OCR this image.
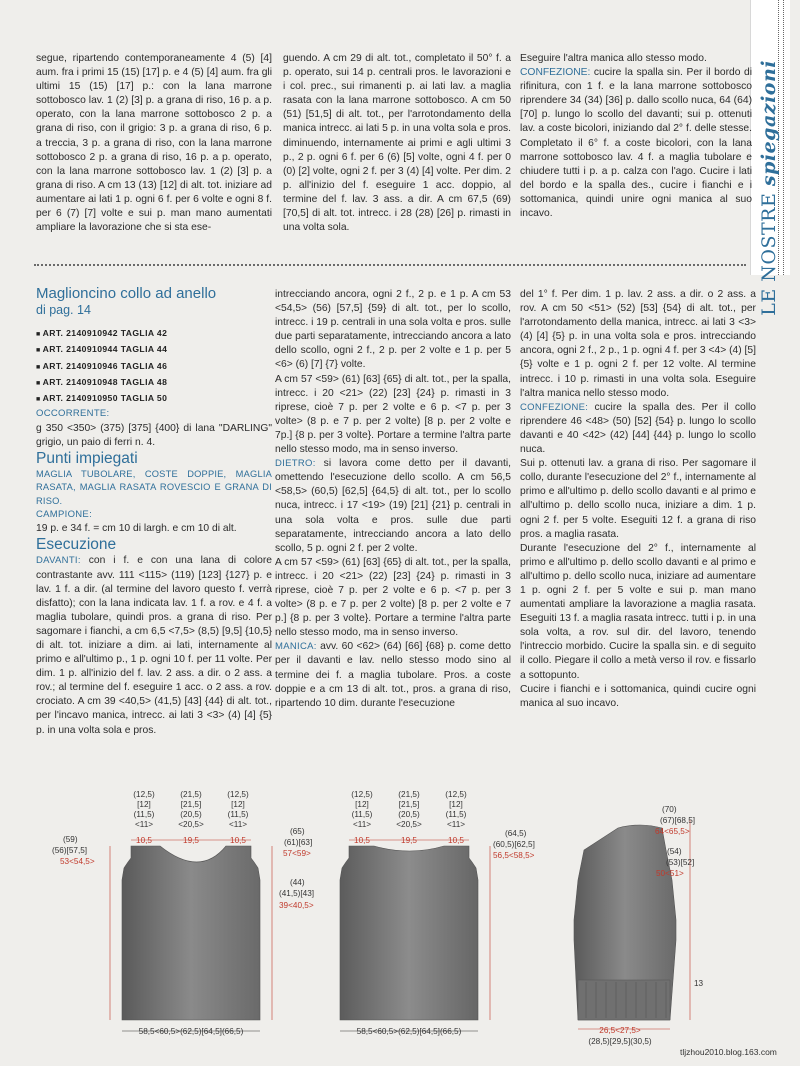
LE NOSTRE spiegazioni

segue, ripartendo contemporaneamente 4 (5) [4] aum. fra i primi 15 (15) [17] p. e 4 (5) [4] aum. fra gli ultimi 15 (15) [17] p.: con la lana marrone sottobosco lav. 1 (2) [3] p. a grana di riso, 16 p. a p. operato, con la lana marrone sottobosco 2 p. a grana di riso, con il grigio: 3 p. a grana di riso, 6 p. a treccia, 3 p. a grana di riso, con la lana marrone sottobosco 2 p. a grana di riso, 16 p. a p. operato, con la lana marrone sottobosco lav. 1 (2) [3] p. a grana di riso. A cm 13 (13) [12] di alt. tot. iniziare ad aumentare ai lati 1 p. ogni 6 f. per 6 volte e ogni 8 f. per 6 (7) [7] volte e sui p. man mano aumentati ampliare la lavorazione che si sta ese-

guendo. A cm 29 di alt. tot., completato il 50° f. a p. operato, sui 14 p. centrali pros. le lavorazioni e i col. prec., sui rimanenti p. ai lati lav. a maglia rasata con la lana marrone sottobosco. A cm 50 (51) [51,5] di alt. tot., per l'arrotondamento della manica intrecc. ai lati 5 p. in una volta sola e pros. diminuendo, internamente ai primi e agli ultimi 3 p., 2 p. ogni 6 f. per 6 (6) [5] volte, ogni 4 f. per 0 (0) [2] volte, ogni 2 f. per 3 (4) [4] volte. Per dim. 2 p. all'inizio del f. eseguire 1 acc. doppio, al termine del f. lav. 3 ass. a dir. A cm 67,5 (69) [70,5] di alt. tot. intrecc. i 28 (28) [26] p. rimasti in una volta sola.

Eseguire l'altra manica allo stesso modo.

CONFEZIONE: cucire la spalla sin. Per il bordo di rifinitura, con 1 f. e la lana marrone sottobosco riprendere 34 (34) [36] p. dallo scollo nuca, 64 (64) [70] p. lungo lo scollo del davanti; sui p. ottenuti lav. a coste bicolori, iniziando dal 2° f. delle stesse. Completato il 6° f. a coste bicolori, con la lana marrone sottobosco lav. 4 f. a maglia tubolare e chiudere tutti i p. a p. calza con l'ago. Cucire i lati del bordo e la spalla des., cucire i fianchi e i sottomanica, quindi unire ogni manica al suo incavo.

Maglioncino collo ad anello
di pag. 14
■ ART. 2140910942 TAGLIA 42
■ ART. 2140910944 TAGLIA 44
■ ART. 2140910946 TAGLIA 46
■ ART. 2140910948 TAGLIA 48
■ ART. 2140910950 TAGLIA 50
OCCORRENTE:

g 350 <350> (375) [375] {400} di lana "DARLING" grigio, un paio di ferri n. 4.

Punti impiegati

MAGLIA TUBOLARE, COSTE DOPPIE, MAGLIA RASATA, MAGLIA RASATA ROVESCIO E GRANA DI RISO.

CAMPIONE:

19 p. e 34 f. = cm 10 di largh. e cm 10 di alt.

Esecuzione

DAVANTI: con i f. e con una lana di colore contrastante avv. 111 <115> (119) [123] {127} p. e lav. 1 f. a dir. (al termine del lavoro questo f. verrà disfatto); con la lana indicata lav. 1 f. a rov. e 4 f. a maglia tubolare, quindi pros. a grana di riso. Per sagomare i fianchi, a cm 6,5 <7,5> (8,5) [9,5] {10,5} di alt. tot. iniziare a dim. ai lati, internamente al primo e all'ultimo p., 1 p. ogni 10 f. per 11 volte. Per dim. 1 p. all'inizio del f. lav. 2 ass. a dir. o 2 ass. a rov.; al termine del f. eseguire 1 acc. o 2 ass. a rov. crociato. A cm 39 <40,5> (41,5) [43] {44} di alt. tot., per l'incavo manica, intrecc. ai lati 3 <3> (4) [4] {5} p. in una volta sola e pros.

intrecciando ancora, ogni 2 f., 2 p. e 1 p. A cm 53 <54,5> (56) [57,5] {59} di alt. tot., per lo scollo, intrecc. i 19 p. centrali in una sola volta e pros. sulle due parti separatamente, intrecciando ancora a lato dello scollo, ogni 2 f., 2 p. per 2 volte e 1 p. per 5 <6> (6) [7] {7} volte.

A cm 57 <59> (61) [63] {65} di alt. tot., per la spalla, intrecc. i 20 <21> (22) [23] {24} p. rimasti in 3 riprese, cioè 7 p. per 2 volte e 6 p. <7 p. per 3 volte> (8 p. e 7 p. per 2 volte) [8 p. per 2 volte e 7p.] {8 p. per 3 volte}. Portare a termine l'altra parte nello stesso modo, ma in senso inverso.

DIETRO: si lavora come detto per il davanti, omettendo l'esecuzione dello scollo. A cm 56,5 <58,5> (60,5) [62,5] {64,5} di alt. tot., per lo scollo nuca, intrecc. i 17 <19> (19) [21] {21} p. centrali in una sola volta e pros. sulle due parti separatamente, intrecciando ancora a lato dello scollo, 5 p. ogni 2 f. per 2 volte.

A cm 57 <59> (61) [63] {65} di alt. tot., per la spalla, intrecc. i 20 <21> (22) [23] {24} p. rimasti in 3 riprese, cioè 7 p. per 2 volte e 6 p. <7 p. per 3 volte> (8 p. e 7 p. per 2 volte) [8 p. per 2 volte e 7 p.] {8 p. per 3 volte}. Portare a termine l'altra parte nello stesso modo, ma in senso inverso.

MANICA: avv. 60 <62> (64) [66] {68} p. come detto per il davanti e lav. nello stesso modo sino al termine dei f. a maglia tubolare. Pros. a coste doppie e a cm 13 di alt. tot., pros. a grana di riso, ripartendo 10 dim. durante l'esecuzione

del 1° f. Per dim. 1 p. lav. 2 ass. a dir. o 2 ass. a rov. A cm 50 <51> (52) [53] {54} di alt. tot., per l'arrotondamento della manica, intrecc. ai lati 3 <3> (4) [4] {5} p. in una volta sola e pros. intrecciando ancora, ogni 2 f., 2 p., 1 p. ogni 4 f. per 3 <4> (4) [5] {5} volte e 1 p. ogni 2 f. per 12 volte. Al termine intrecc. i 10 p. rimasti in una volta sola. Eseguire l'altra manica nello stesso modo.

CONFEZIONE: cucire la spalla des. Per il collo riprendere 46 <48> (50) [52] {54} p. lungo lo scollo davanti e 40 <42> (42) [44] {44} p. lungo lo scollo nuca.

Sui p. ottenuti lav. a grana di riso. Per sagomare il collo, durante l'esecuzione del 2° f., internamente al primo e all'ultimo p. dello scollo davanti e al primo e all'ultimo p. dello scollo nuca, iniziare a dim. 1 p. ogni 2 f. per 5 volte. Eseguiti 12 f. a grana di riso pros. a maglia rasata.

Durante l'esecuzione del 2° f., internamente al primo e all'ultimo p. dello scollo davanti e al primo e all'ultimo p. dello scollo nuca, iniziare ad aumentare 1 p. ogni 2 f. per 5 volte e sui p. man mano aumentati ampliare la lavorazione a maglia rasata. Eseguiti 13 f. a maglia rasata intrecc. tutti i p. in una sola volta, a rov. sul dir. del lavoro, tenendo l'intreccio morbido. Cucire la spalla sin. e di seguito il collo. Piegare il collo a metà verso il rov. e fissarlo a sottopunto.

Cucire i fianchi e i sottomanica, quindi cucire ogni manica al suo incavo.

58,5<60,5>(62,5)[64,5](66,5)
(12,5)
[12]
(11,5)
<11>
10,5
(21,5)
[21,5]
(20,5)
<20,5>
19,5
(12,5)
[12]
(11,5)
<11>
10,5
(59)
(56)[57,5]
53<54,5>
(65)
(61)[63]
57<59>
(44)
(41,5)[43]
39<40,5>
58,5<60,5>(62,5)[64,5](66,5)
(12,5)
[12]
(11,5)
<11>
10,5
(21,5)
[21,5]
(20,5)
<20,5>
19,5
(12,5)
[12]
(11,5)
<11>
10,5
(64,5)
(60,5)[62,5]
56,5<58,5>
(70)
(67)[68,5]
64<65,5>
(54)
(53)[52]
50<51>
13
26,5<27,5>
(28,5)[29,5](30,5)
tljzhou2010.blog.163.com
